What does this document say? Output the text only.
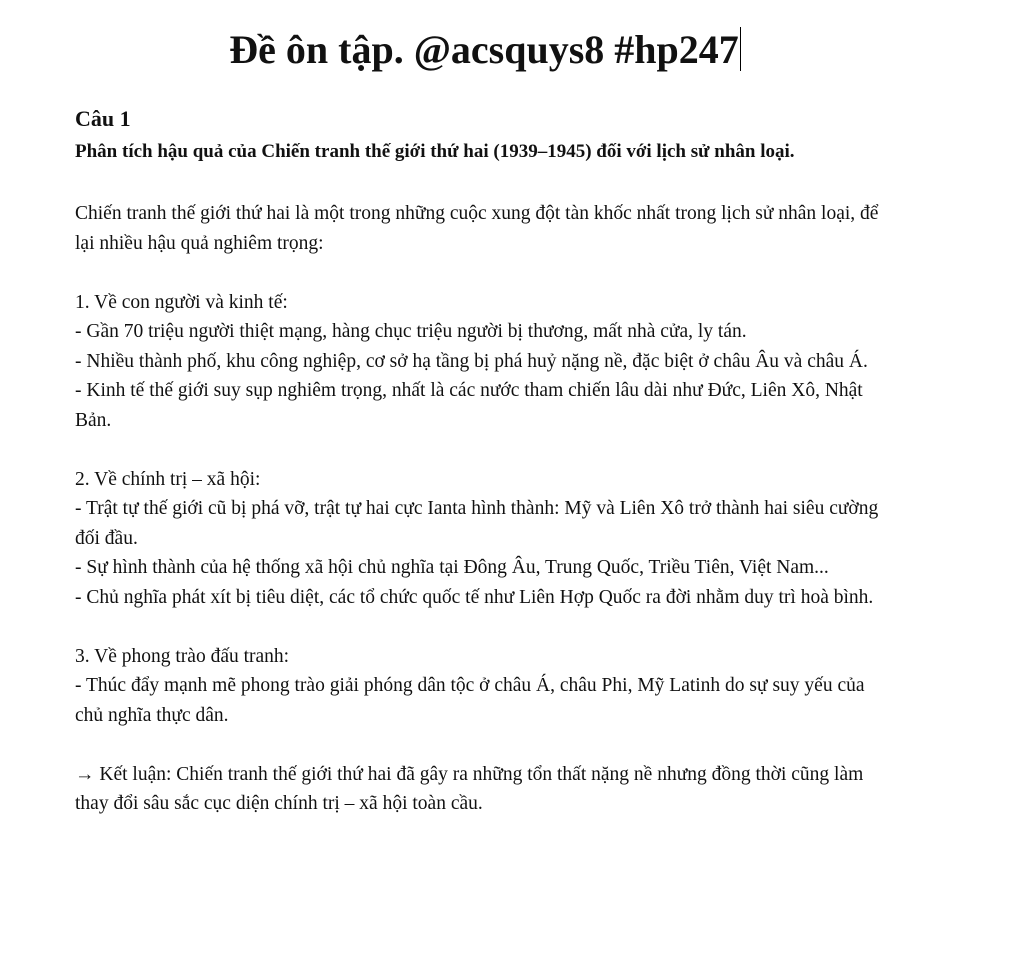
Đề ôn tập. @acsquys8 #hp247

Câu 1

Phân tích hậu quả của Chiến tranh thế giới thứ hai (1939–1945) đối với lịch sử nhân loại.

Chiến tranh thế giới thứ hai là một trong những cuộc xung đột tàn khốc nhất trong lịch sử nhân loại, để lại nhiều hậu quả nghiêm trọng:

1. Về con người và kinh tế:

- Gần 70 triệu người thiệt mạng, hàng chục triệu người bị thương, mất nhà cửa, ly tán.

- Nhiều thành phố, khu công nghiệp, cơ sở hạ tầng bị phá huỷ nặng nề, đặc biệt ở châu Âu và châu Á.

- Kinh tế thế giới suy sụp nghiêm trọng, nhất là các nước tham chiến lâu dài như Đức, Liên Xô, Nhật Bản.

2. Về chính trị – xã hội:

- Trật tự thế giới cũ bị phá vỡ, trật tự hai cực Ianta hình thành: Mỹ và Liên Xô trở thành hai siêu cường đối đầu.

- Sự hình thành của hệ thống xã hội chủ nghĩa tại Đông Âu, Trung Quốc, Triều Tiên, Việt Nam...

- Chủ nghĩa phát xít bị tiêu diệt, các tổ chức quốc tế như Liên Hợp Quốc ra đời nhằm duy trì hoà bình.

3. Về phong trào đấu tranh:

- Thúc đẩy mạnh mẽ phong trào giải phóng dân tộc ở châu Á, châu Phi, Mỹ Latinh do sự suy yếu của chủ nghĩa thực dân.

→ Kết luận: Chiến tranh thế giới thứ hai đã gây ra những tổn thất nặng nề nhưng đồng thời cũng làm thay đổi sâu sắc cục diện chính trị – xã hội toàn cầu.
